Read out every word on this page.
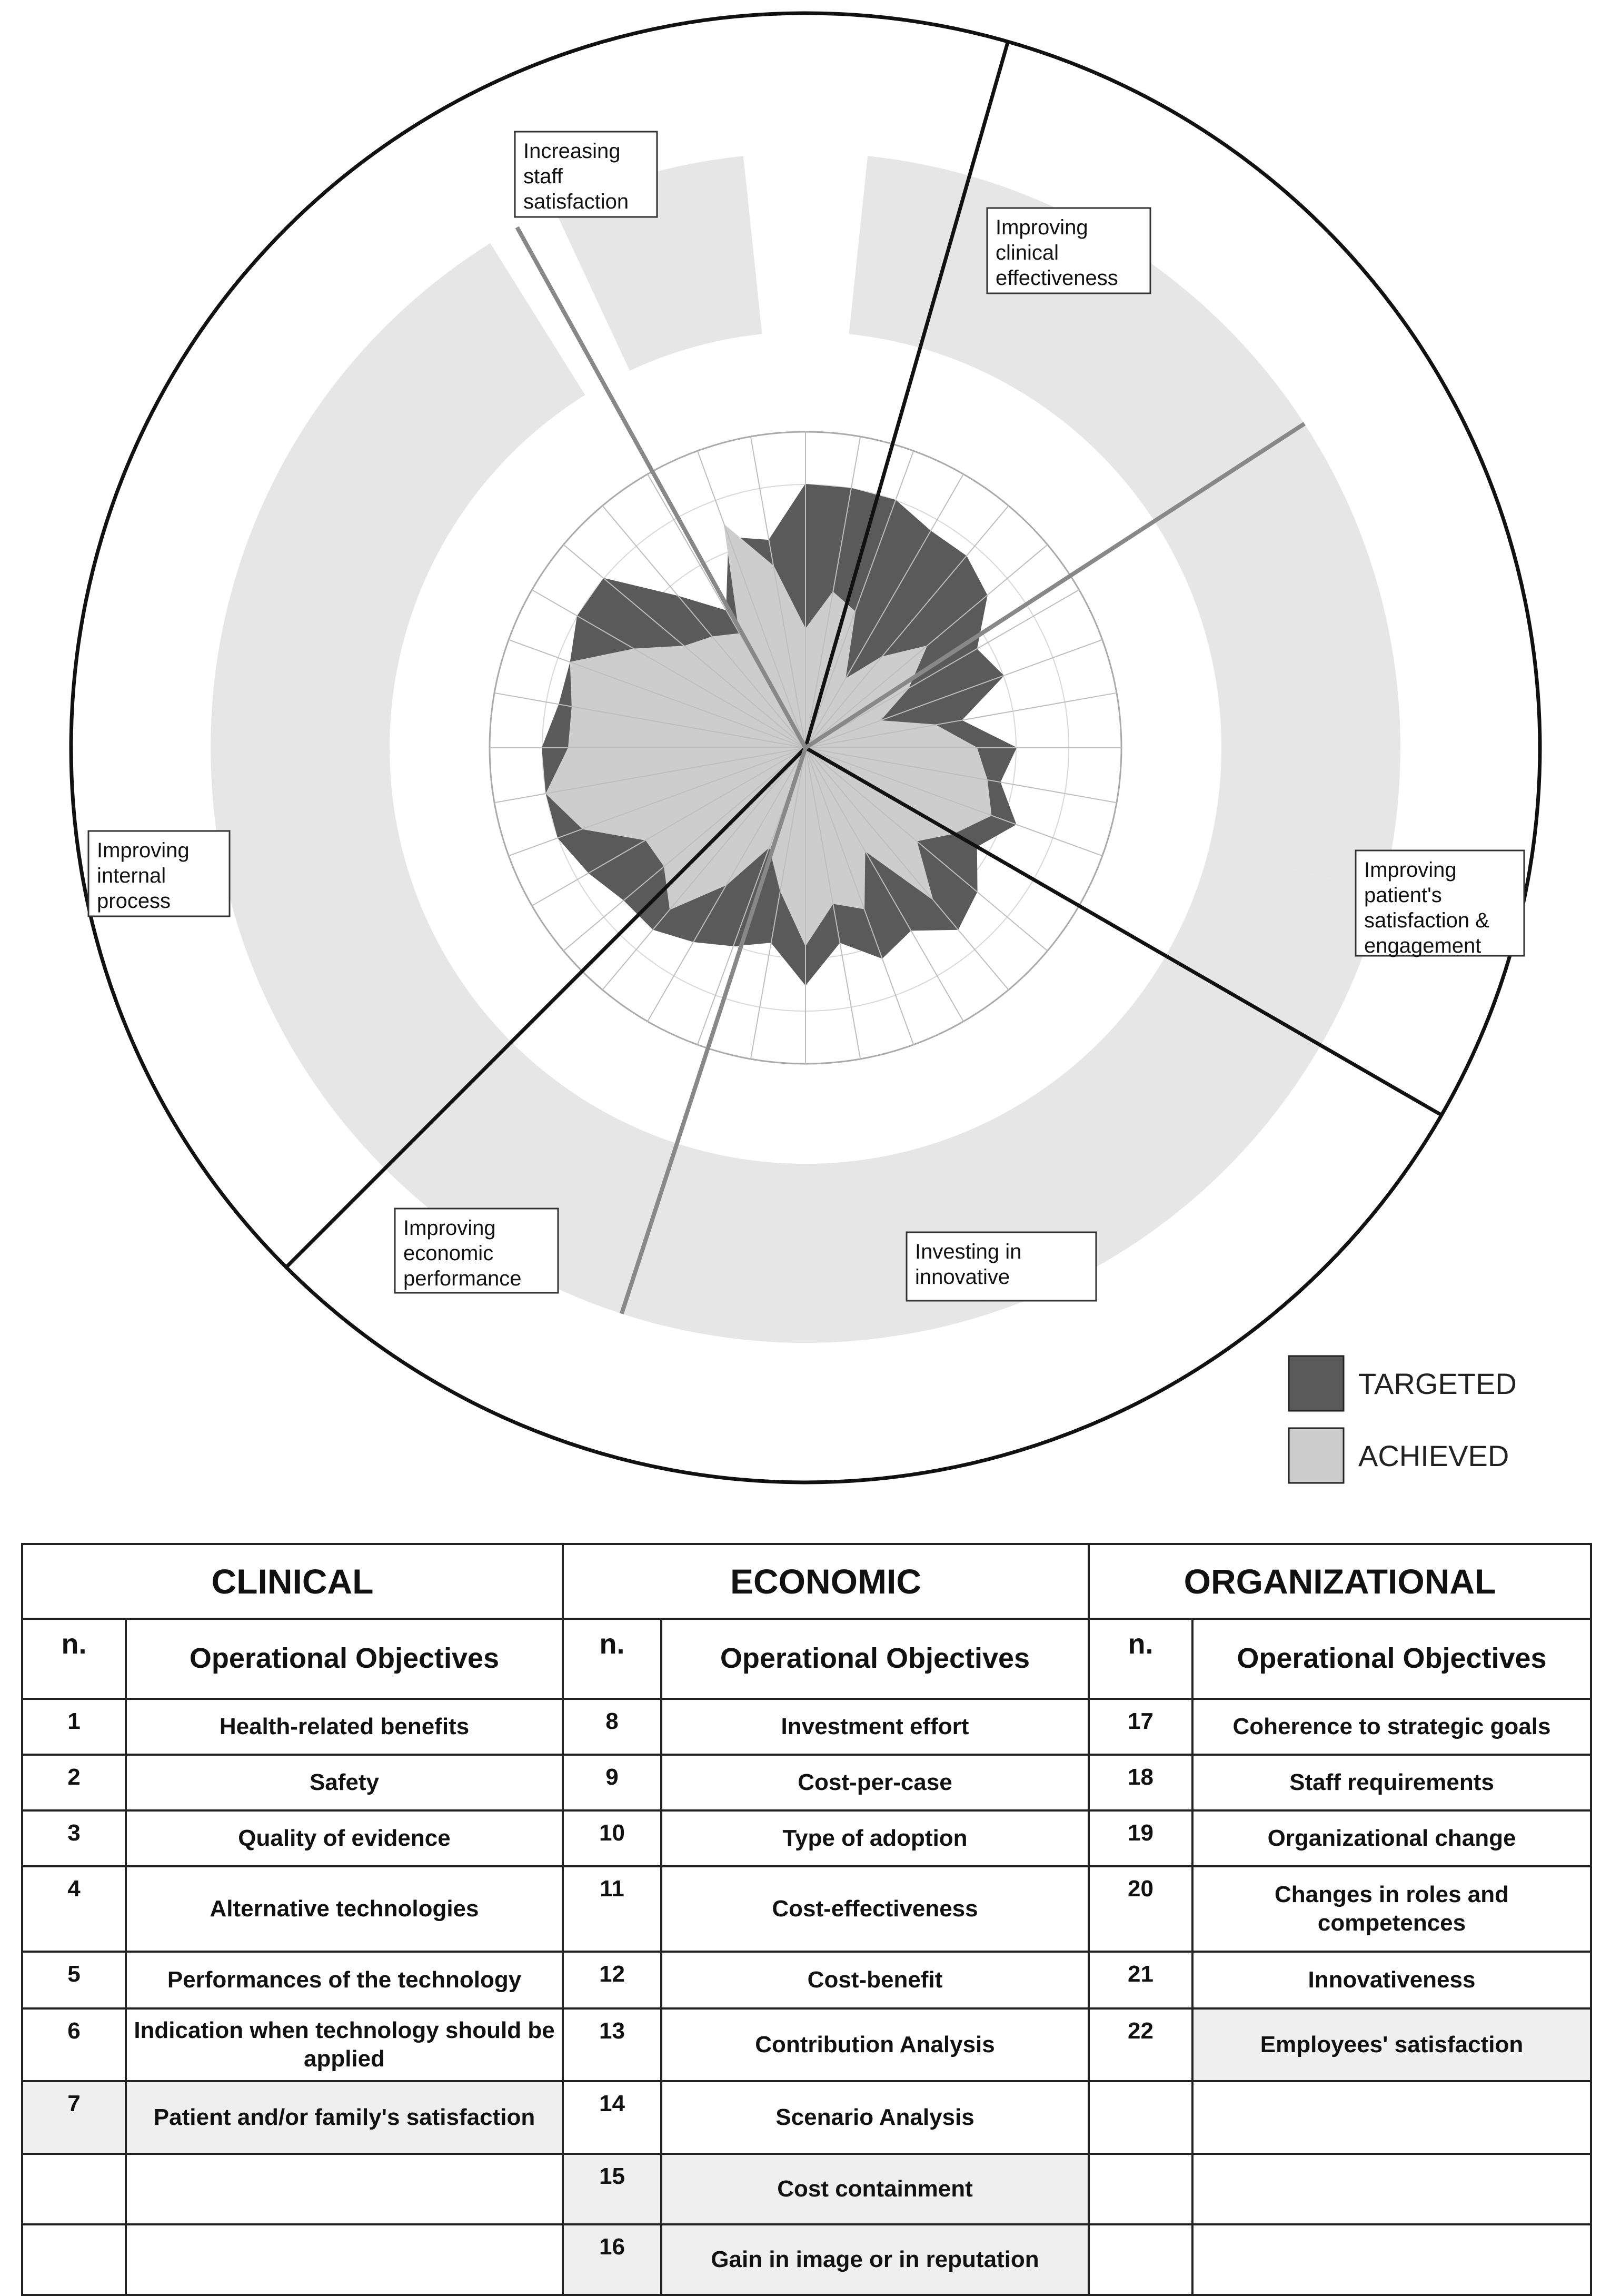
Improving clinical effectiveness
Improving patient's satisfaction & engagement
Investing in innovative
Improving economic performance
Improving internal process
Increasing staff satisfaction
TARGETED
ACHIEVED
CLINICAL		ECONOMIC		ORGANIZATIONAL	
n.	Operational Objectives	n.	Operational Objectives	n.	Operational Objectives
1	Health-related benefits	8	Investment effort	17	Coherence to strategic goals
2	Safety	9	Cost-per-case	18	Staff requirements
3	Quality of evidence	10	Type of adoption	19	Organizational change
4	Alternative technologies	11	Cost-effectiveness	20	Changes in roles and competences
5	Performances of the technology	12	Cost-benefit	21	Innovativeness
6	Indication when technology should be applied	13	Contribution Analysis	22	Employees' satisfaction
7	Patient and/or family's satisfaction	14	Scenario Analysis		
		15	Cost containment		
		16	Gain in image or in reputation		
